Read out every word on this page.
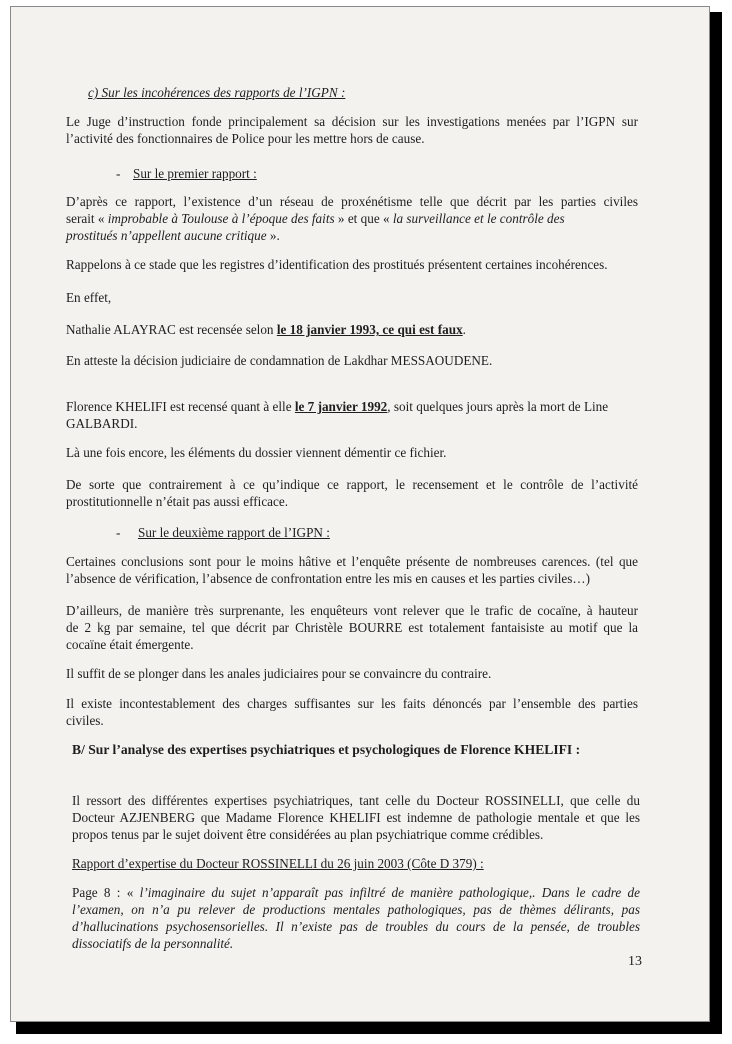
c) Sur les incohérences des rapports de l’IGPN :
Le Juge d’instruction fonde principalement sa décision sur les investigations menées par l’IGPN sur
l’activité des fonctionnaires de Police pour les mettre hors de cause.
- Sur le premier rapport :
D’après ce rapport, l’existence d’un réseau de proxénétisme telle que décrit par les parties civiles
serait « improbable à Toulouse à l’époque des faits » et que « la surveillance et le contrôle des
prostitués n’appellent aucune critique ».
Rappelons à ce stade que les registres d’identification des prostitués présentent certaines incohérences.
En effet,
Nathalie ALAYRAC est recensée selon le 18 janvier 1993, ce qui est faux.
En atteste la décision judiciaire de condamnation de Lakdhar MESSAOUDENE.
Florence KHELIFI est recensé quant à elle le 7 janvier 1992, soit quelques jours après la mort de Line
GALBARDI.
Là une fois encore, les éléments du dossier viennent démentir ce fichier.
De sorte que contrairement à ce qu’indique ce rapport, le recensement et le contrôle de l’activité
prostitutionnelle n’était pas aussi efficace.
- Sur le deuxième rapport de l’IGPN :
Certaines conclusions sont pour le moins hâtive et l’enquête présente de nombreuses carences. (tel que
l’absence de vérification, l’absence de confrontation entre les mis en causes et les parties civiles…)
D’ailleurs, de manière très surprenante, les enquêteurs vont relever que le trafic de cocaïne, à hauteur
de 2 kg par semaine, tel que décrit par Christèle BOURRE est totalement fantaisiste au motif que la
cocaïne était émergente.
Il suffit de se plonger dans les anales judiciaires pour se convaincre du contraire.
Il existe incontestablement des charges suffisantes sur les faits dénoncés par l’ensemble des parties
civiles.
B/ Sur l’analyse des expertises psychiatriques et psychologiques de Florence KHELIFI :
Il ressort des différentes expertises psychiatriques, tant celle du Docteur ROSSINELLI, que celle du
Docteur AZJENBERG que Madame Florence KHELIFI est indemne de pathologie mentale et que les
propos tenus par le sujet doivent être considérées au plan psychiatrique comme crédibles.
Rapport d’expertise du Docteur ROSSINELLI du 26 juin 2003 (Côte D 379) :
Page 8 : « l’imaginaire du sujet n’apparaît pas infiltré de manière pathologique,. Dans le cadre de
l’examen, on n’a pu relever de productions mentales pathologiques, pas de thèmes délirants, pas
d’hallucinations psychosensorielles. Il n’existe pas de troubles du cours de la pensée, de troubles
dissociatifs de la personnalité.
13
